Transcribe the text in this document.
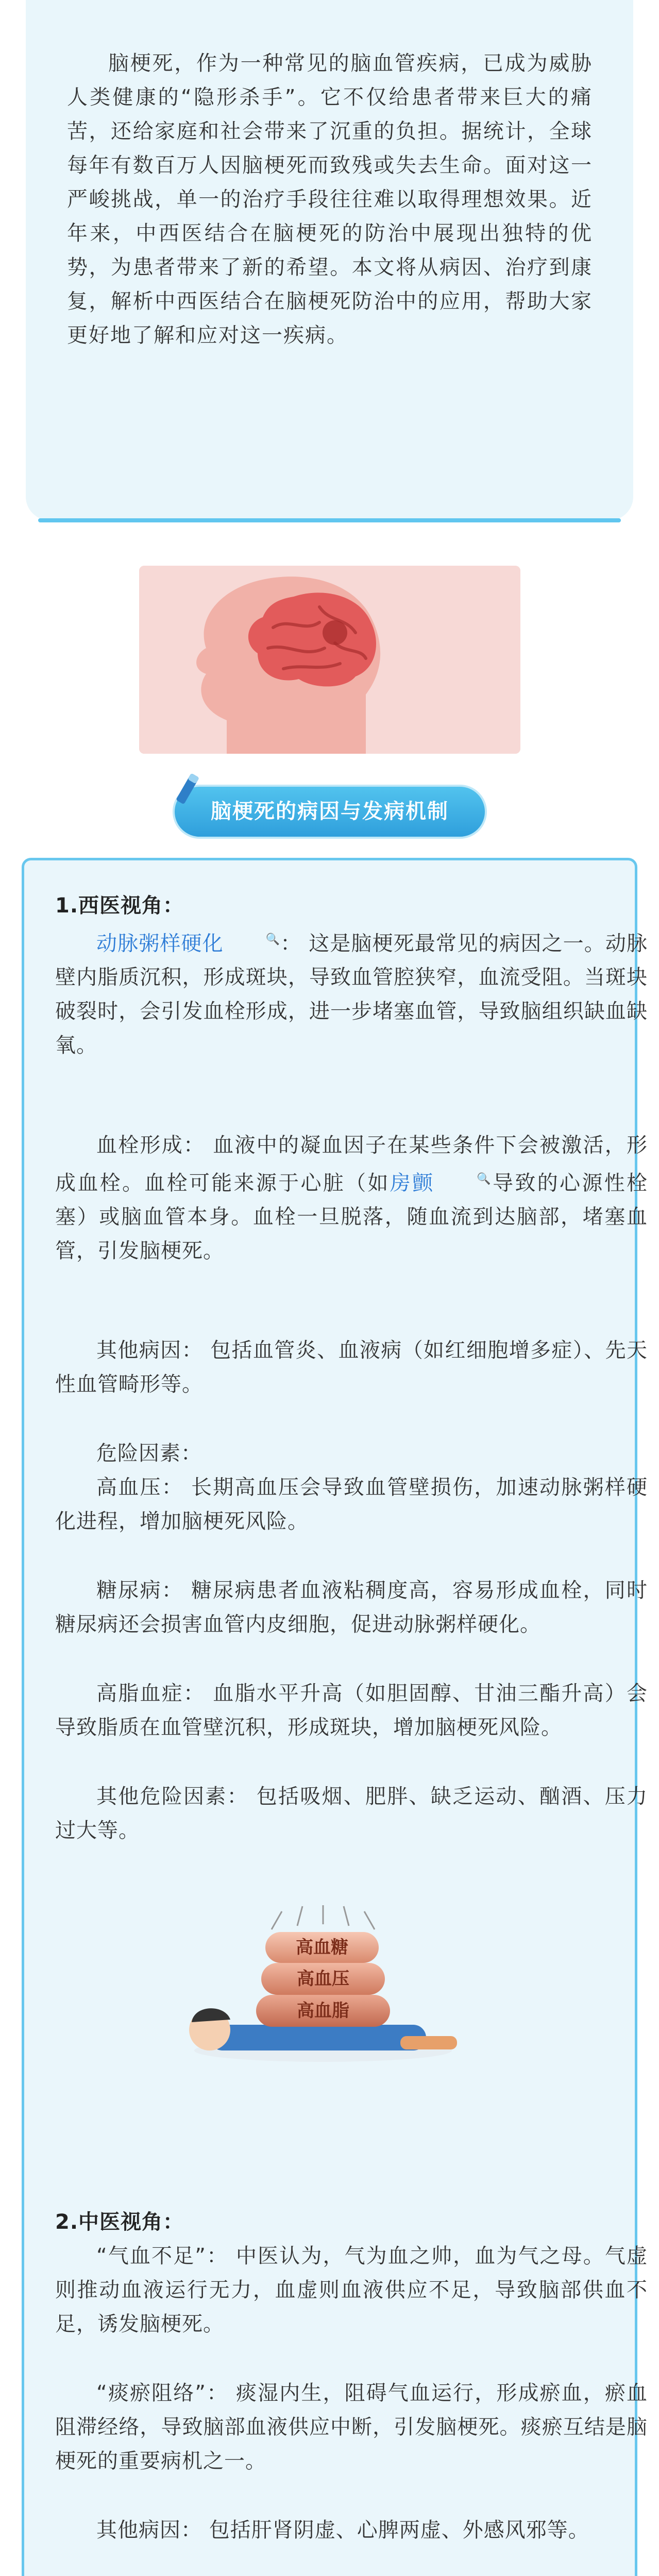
脑梗死，作为一种常见的脑血管疾病，已成为威胁人类健康的“隐形杀手”。它不仅给患者带来巨大的痛苦，还给家庭和社会带来了沉重的负担。据统计，全球每年有数百万人因脑梗死而致残或失去生命。面对这一严峻挑战，单一的治疗手段往往难以取得理想效果。近年来，中西医结合在脑梗死的防治中展现出独特的优势，为患者带来了新的希望。本文将从病因、治疗到康复，解析中西医结合在脑梗死防治中的应用，帮助大家更好地了解和应对这一疾病。
脑梗死的病因与发病机制
1.西医视角：
动脉粥样硬化	🔍： 这是脑梗死最常见的病因之一。动脉壁内脂质沉积，形成斑块，导致血管腔狭窄，血流受阻。当斑块破裂时，会引发血栓形成，进一步堵塞血管，导致脑组织缺血缺氧。
血栓形成： 血液中的凝血因子在某些条件下会被激活，形成血栓。血栓可能来源于心脏（如房颤	🔍导致的心源性栓塞）或脑血管本身。血栓一旦脱落，随血流到达脑部，堵塞血管，引发脑梗死。
其他病因： 包括血管炎、血液病（如红细胞增多症）、先天性血管畸形等。
危险因素：
高血压： 长期高血压会导致血管壁损伤，加速动脉粥样硬化进程，增加脑梗死风险。
糖尿病： 糖尿病患者血液粘稠度高，容易形成血栓，同时糖尿病还会损害血管内皮细胞，促进动脉粥样硬化。
高脂血症： 血脂水平升高（如胆固醇、甘油三酯升高）会导致脂质在血管壁沉积，形成斑块，增加脑梗死风险。
其他危险因素： 包括吸烟、肥胖、缺乏运动、酗酒、压力过大等。
高血糖
高血压
高血脂
2.中医视角：
“气血不足”： 中医认为，气为血之帅，血为气之母。气虚则推动血液运行无力，血虚则血液供应不足，导致脑部供血不足，诱发脑梗死。
“痰瘀阻络”： 痰湿内生，阻碍气血运行，形成瘀血，瘀血阻滞经络，导致脑部血液供应中断，引发脑梗死。痰瘀互结是脑梗死的重要病机之一。
其他病因： 包括肝肾阴虚、心脾两虚、外感风邪等。
